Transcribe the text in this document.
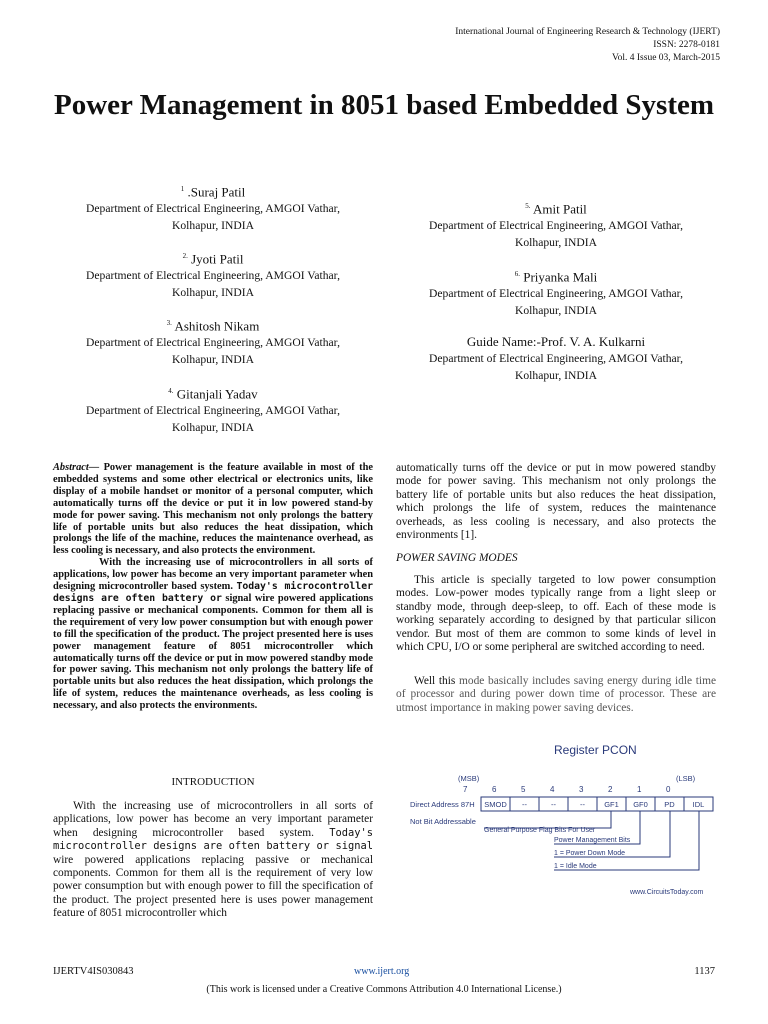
International Journal of Engineering Research & Technology (IJERT)
ISSN: 2278-0181
Vol. 4 Issue 03, March-2015
Power Management in 8051 based Embedded System
$^1$ .Suraj Patil
Department of Electrical Engineering, AMGOI Vathar,
Kolhapur, INDIA
$^{2.}$ Jyoti Patil
Department of Electrical Engineering, AMGOI Vathar,
Kolhapur, INDIA
$^{3.}$ Ashitosh Nikam
Department of Electrical Engineering, AMGOI Vathar,
Kolhapur, INDIA
$^{4.}$ Gitanjali Yadav
Department of Electrical Engineering, AMGOI Vathar,
Kolhapur, INDIA
$^{5.}$ Amit Patil
Department of Electrical Engineering, AMGOI Vathar,
Kolhapur, INDIA
$^{6.}$ Priyanka Mali
Department of Electrical Engineering, AMGOI Vathar,
Kolhapur, INDIA
Guide Name:-Prof. V. A. Kulkarni
Department of Electrical Engineering, AMGOI Vathar,
Kolhapur, INDIA

Abstract— Power management is the feature available in most of the embedded systems and some other electrical or electronics units, like display of a mobile handset or monitor of a personal computer, which automatically turns off the device or put it in low powered stand-by mode for power saving. This mechanism not only prolongs the battery life of portable units but also reduces the heat dissipation, which prolongs the life of the machine, reduces the maintenance overhead, as less cooling is necessary, and also protects the environment.

With the increasing use of microcontrollers in all sorts of applications, low power has become an very important parameter when designing microcontroller based system. Today's microcontroller designs are often battery or signal wire powered applications replacing passive or mechanical components. Common for them all is the requirement of very low power consumption but with enough power to fill the specification of the product. The project presented here is uses power management feature of 8051 microcontroller which automatically turns off the device or put in mow powered standby mode for power saving. This mechanism not only prolongs the battery life of portable units but also reduces the heat dissipation, which prolongs the life of system, reduces the maintenance overheads, as less cooling is necessary, and also protects the environments.

INTRODUCTION

With the increasing use of microcontrollers in all sorts of applications, low power has become an very important parameter when designing microcontroller based system. Today's microcontroller designs are often battery or signal wire powered applications replacing passive or mechanical components. Common for them all is the requirement of very low power consumption but with enough power to fill the specification of the product. The project presented here is uses power management feature of 8051 microcontroller which

automatically turns off the device or put in mow powered standby mode for power saving. This mechanism not only prolongs the battery life of portable units but also reduces the heat dissipation, which prolongs the life of system, reduces the maintenance overheads, as less cooling is necessary, and also protects the environments [1].
POWER SAVING MODES

This article is specially targeted to low power consumption modes. Low-power modes typically range from a light sleep or standby mode, through deep-sleep, to off. Each of these mode is working separately according to designed by that particular silicon vendor. But most of them are common to some kinds of level in which CPU, I/O or some peripheral are switched according to need.

Well this mode basically includes saving energy during idle time of processor and during power down time of processor. These are utmost importance in making power saving devices.

Register PCON
(MSB)	(LSB)
7	6	5	4	3	2	1	0
Direct Address 87H
Not Bit Addressable
SMOD --	--	--	GF1 GF0 PD IDL
General Purpose Flag Bits For User
Power Management Bits
1 = Power Down Mode
1 = Idle Mode
www.CircuitsToday.com
IJERTV4IS030843	www.ijert.org	1137
(This work is licensed under a Creative Commons Attribution 4.0 International License.)
